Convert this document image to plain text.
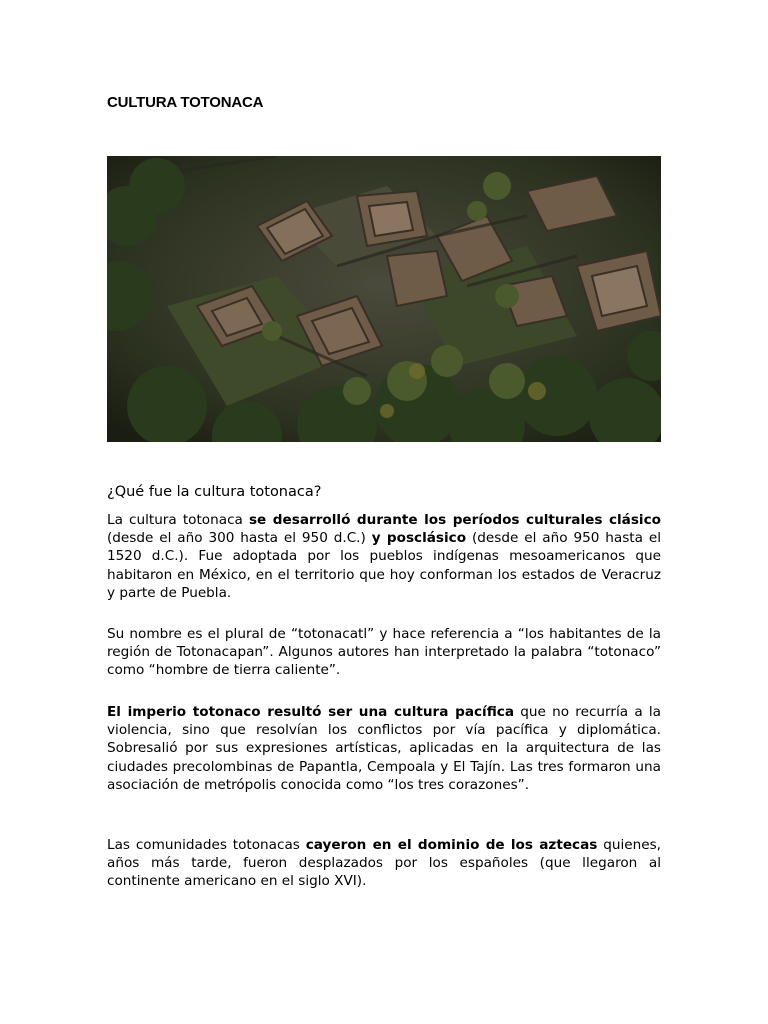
CULTURA TOTONACA
¿Qué fue la cultura totonaca?
La cultura totonaca se desarrolló durante los períodos culturales clásico (desde el año 300 hasta el 950 d.C.) y posclásico (desde el año 950 hasta el 1520 d.C.). Fue adoptada por los pueblos indígenas mesoamericanos que habitaron en México, en el territorio que hoy conforman los estados de Veracruz y parte de Puebla.
Su nombre es el plural de “totonacatl” y hace referencia a “los habitantes de la región de Totonacapan”. Algunos autores han interpretado la palabra “totonaco” como “hombre de tierra caliente”.
El imperio totonaco resultó ser una cultura pacífica que no recurría a la violencia, sino que resolvían los conflictos por vía pacífica y diplomática. Sobresalió por sus expresiones artísticas, aplicadas en la arquitectura de las ciudades precolombinas de Papantla, Cempoala y El Tajín. Las tres formaron una asociación de metrópolis conocida como “los tres corazones”.
Las comunidades totonacas cayeron en el dominio de los aztecas quienes, años más tarde, fueron desplazados por los españoles (que llegaron al continente americano en el siglo XVI).
